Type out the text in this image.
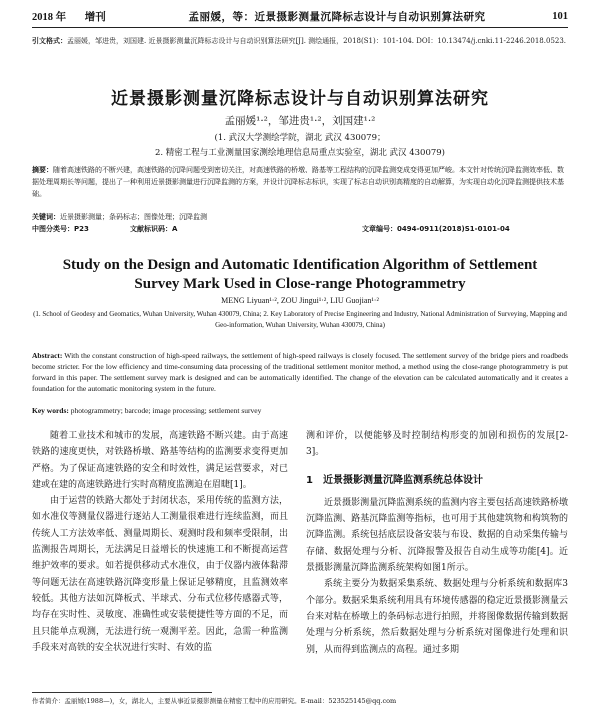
2018 年 增刊	孟丽媛，等：近景摄影测量沉降标志设计与自动识别算法研究	101
引文格式：孟丽媛，邹进贵，刘国建. 近景摄影测量沉降标志设计与自动识别算法研究[J]. 测绘通报，2018(S1)：101-104. DOI：10.13474/j.cnki.11-2246.2018.0523.
近景摄影测量沉降标志设计与自动识别算法研究
孟丽媛¹·²，邹进贵¹·²，刘国建¹·²
(1. 武汉大学测绘学院，湖北 武汉 430079；
2. 精密工程与工业测量国家测绘地理信息局重点实验室，湖北 武汉 430079)
摘要：随着高速铁路的不断兴建，高速铁路的沉降问题受到密切关注，对高速铁路的桥墩、路基等工程结构的沉降监测变成变得更加严峻。本文针对传统沉降监测效率低、数据处理周期长等问题，提出了一种利用近景摄影测量进行沉降监测的方案，并设计沉降标志标识，实现了标志自动识别高精度的自动解算，为实现自动化沉降监测提供技术基础。
关键词：近景摄影测量；条码标志；图像处理；沉降监测
中图分类号：P23	文献标识码：A	文章编号：0494-0911(2018)S1-0101-04
Study on the Design and Automatic Identification Algorithm of Settlement
Survey Mark Used in Close-range Photogrammetry
MENG Liyuan¹·², ZOU Jingui¹·², LIU Guojian¹·²
(1. School of Geodesy and Geomatics, Wuhan University, Wuhan 430079, China; 2. Key Laboratory of Precise Engineering and Industry, National Administration of Surveying, Mapping and Geo-information, Wuhan University, Wuhan 430079, China)
Abstract: With the constant construction of high-speed railways, the settlement of high-speed railways is closely focused. The settlement survey of the bridge piers and roadbeds become stricter. For the low efficiency and time-consuming data processing of the traditional settlement monitor method, a method using the close-range photogrammetry is put forward in this paper. The settlement survey mark is designed and can be automatically identified. The change of the elevation can be calculated automatically and it creates a foundation for the automatic monitoring system in the future.
Key words: photogrammetry; barcode; image processing; settlement survey

随着工业技术和城市的发展，高速铁路不断兴建。由于高速铁路的速度更快，对铁路桥墩、路基等结构的监测要求变得更加严格。为了保证高速铁路的安全和时效性，满足运营要求，对已建或在建的高速铁路进行实时高精度监测迫在眉睫[1]。

由于运营的铁路大都处于封闭状态，采用传统的监测方法，如水准仪等测量仪器进行逐站人工测量很难进行连续监测，而且传统人工方法效率低、测量周期长、观测时段和频率受限制，出监测报告周期长，无法满足日益增长的快速施工和不断提高运营维护效率的要求。如若提供移动式水准仪，由于仪器内液体黏滞等问题无法在高速铁路沉降变形量上保证足够精度，且监测效率较低。其他方法如沉降板式、半球式、分布式位移传感器式等，均存在实时性、灵敏度、准确性或安装便捷性等方面的不足，而且只能单点观测，无法进行统一观测平差。因此，急需一种监测手段来对高铁的安全状况进行实时、有效的监

测和评价，以便能够及时控制结构形变的加剧和损伤的发展[2-3]。

1 近景摄影测量沉降监测系统总体设计

近景摄影测量沉降监测系统的监测内容主要包括高速铁路桥墩沉降监测、路基沉降监测等指标，也可用于其他建筑物和构筑物的沉降监测。系统包括底层设备安装与布设、数据的自动采集传输与存储、数据处理与分析、沉降报警及报告自动生成等功能[4]。近景摄影测量沉降监测系统架构如图1所示。

系统主要分为数据采集系统、数据处理与分析系统和数据库3个部分。数据采集系统利用具有环境传感器的稳定近景摄影测量云台来对粘在桥墩上的条码标志进行拍照，并将图像数据传输到数据处理与分析系统，然后数据处理与分析系统对图像进行处理和识别，从而得到监测点的高程。通过多期

作者简介：孟丽媛(1988—)，女，湖北人，主要从事近景摄影测量在精密工程中的应用研究。E-mail：523525145@qq.com
